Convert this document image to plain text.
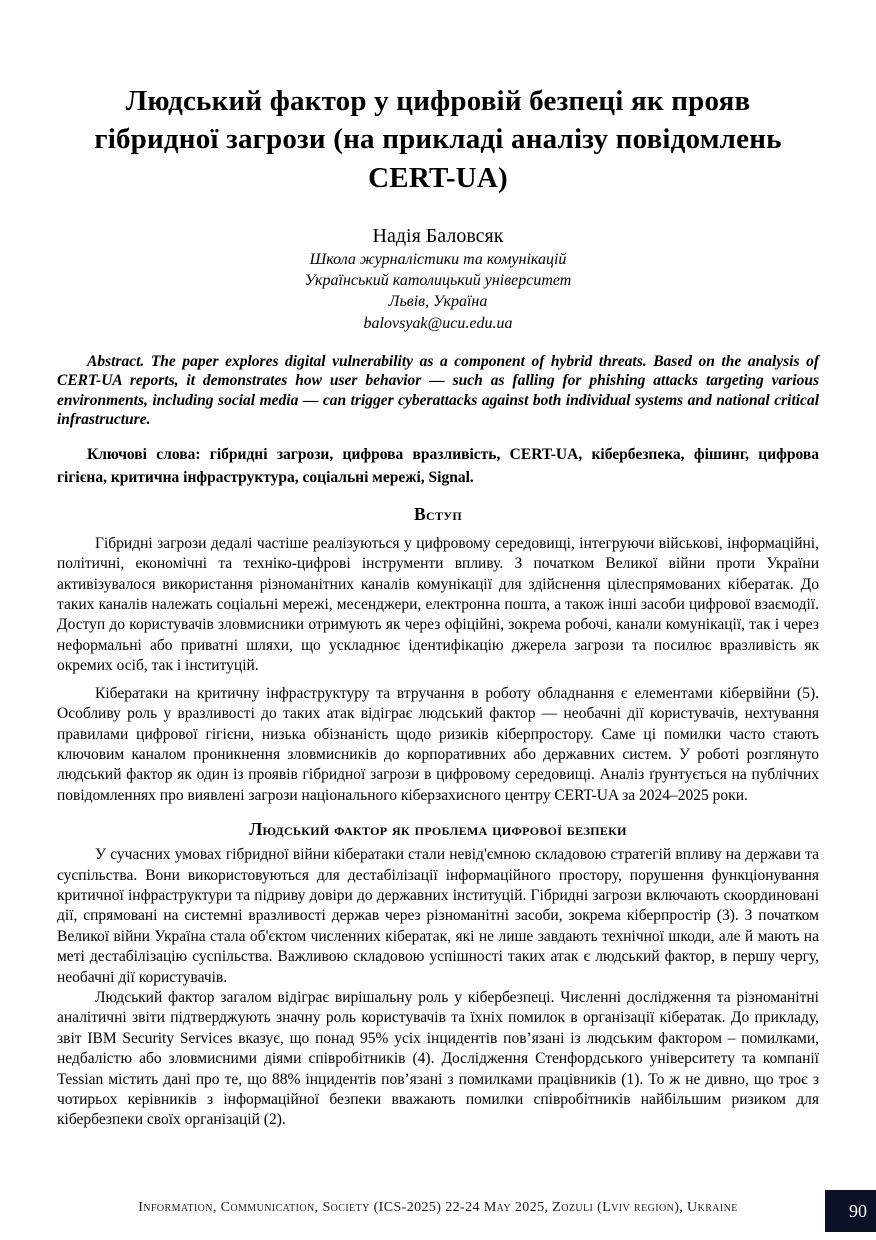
Людський фактор у цифровій безпеці як прояв гібридної загрози (на прикладі аналізу повідомлень CERT-UA)
Надія Баловсяк
Школа журналістики та комунікацій
Український католицький університет
Львів, Україна
balovsyak@ucu.edu.ua

Abstract. The paper explores digital vulnerability as a component of hybrid threats. Based on the analysis of CERT-UA reports, it demonstrates how user behavior — such as falling for phishing attacks targeting various environments, including social media — can trigger cyberattacks against both individual systems and national critical infrastructure.

Ключові слова: гібридні загрози, цифрова вразливість, CERT-UA, кібербезпека, фішинг, цифрова гігієна, критична інфраструктура, соціальні мережі, Signal.

Вступ

Гібридні загрози дедалі частіше реалізуються у цифровому середовищі, інтегруючи військові, інформаційні, політичні, економічні та техніко-цифрові інструменти впливу. З початком Великої війни проти України активізувалося використання різноманітних каналів комунікації для здійснення цілеспрямованих кібератак. До таких каналів належать соціальні мережі, месенджери, електронна пошта, а також інші засоби цифрової взаємодії. Доступ до користувачів зловмисники отримують як через офіційні, зокрема робочі, канали комунікації, так і через неформальні або приватні шляхи, що ускладнює ідентифікацію джерела загрози та посилює вразливість як окремих осіб, так і інституцій.

Кібератаки на критичну інфраструктуру та втручання в роботу обладнання є елементами кібервійни (5). Особливу роль у вразливості до таких атак відіграє людський фактор — необачні дії користувачів, нехтування правилами цифрової гігієни, низька обізнаність щодо ризиків кіберпростору. Саме ці помилки часто стають ключовим каналом проникнення зловмисників до корпоративних або державних систем. У роботі розглянуто людський фактор як один із проявів гібридної загрози в цифровому середовищі. Аналіз ґрунтується на публічних повідомленнях про виявлені загрози національного кіберзахисного центру CERT-UA за 2024–2025 роки.

Людський фактор як проблема цифрової безпеки

У сучасних умовах гібридної війни кібератаки стали невід'ємною складовою стратегій впливу на держави та суспільства. Вони використовуються для дестабілізації інформаційного простору, порушення функціонування критичної інфраструктури та підриву довіри до державних інституцій. Гібридні загрози включають скоординовані дії, спрямовані на системні вразливості держав через різноманітні засоби, зокрема кіберпростір (3). З початком Великої війни Україна стала об'єктом численних кібератак, які не лише завдають технічної шкоди, але й мають на меті дестабілізацію суспільства. Важливою складовою успішності таких атак є людський фактор, в першу чергу, необачні дії користувачів.

Людський фактор загалом відіграє вирішальну роль у кібербезпеці. Численні дослідження та різноманітні аналітичні звіти підтверджують значну роль користувачів та їхніх помилок в організації кібератак. До прикладу, звіт IBM Security Services вказує, що понад 95% усіх інцидентів пов’язані із людським фактором – помилками, недбалістю або зловмисними діями співробітників (4). Дослідження Стенфордського університету та компанії Tessian містить дані про те, що 88% інцидентів пов’язані з помилками працівників (1). То ж не дивно, що троє з чотирьох керівників з інформаційної безпеки вважають помилки співробітників найбільшим ризиком для кібербезпеки своїх організацій (2).

Information, Communication, Society (ICS-2025) 22-24 May 2025, Zozuli (Lviv region), Ukraine	90
